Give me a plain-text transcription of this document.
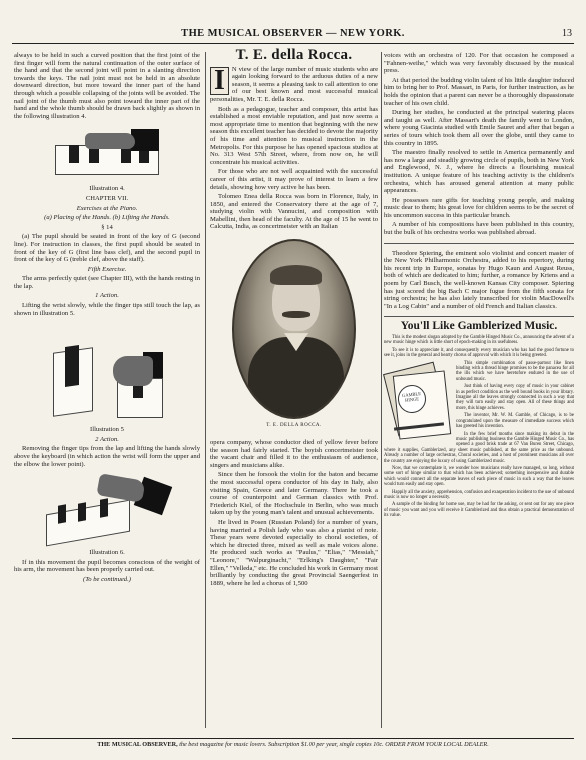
THE MUSICAL OBSERVER — NEW YORK.	13

always to be held in such a curved position that the first joint of the first finger will form the natural continuation of the outer surface of the hand and that the second joint will point in a slanting direction towards the keys. The nail joint must not be held in an absolute downward direction, but more toward the inner part of the hand through which a possible collapsing of the joints will be avoided. The nail joint of the thumb must also point toward the inner part of the hand and the whole thumb should be drawn back slightly as shown in the following illustration 4.

Illustration 4.

CHAPTER VII.

Exercises at the Piano.

(a) Placing of the Hands. (b) Lifting the Hands.

§ 14

(a) The pupil should be seated in front of the key of G (second line). For instruction in classes, the first pupil should be seated in front of the key of G (first line bass clef), and the second pupil in front of the key of G (treble clef, above the staff).

Fifth Exercise.

The arms perfectly quiet (see Chapter III), with the hands resting in the lap.

1 Action.

Lifting the wrist slowly, while the finger tips still touch the lap, as shown in illustration 5.

Illustration 5

2 Action.

Removing the finger tips from the lap and lifting the hands slowly above the keyboard (in which action the wrist will form the upper and the elbow the lower point).

Illustration 6.

If in this movement the pupil becomes conscious of the weight of his arm, the movement has been properly carried out.

(To be continued.)

T. E. della Rocca.

I	N view of the large number of music students who are again looking forward to the arduous duties of a new season, it seems a pleasing task to call attention to one of our best known and most successful musical personalities, Mr. T. E. della Rocca.

Both as a pedagogue, teacher and composer, this artist has established a most enviable reputation, and just now seems a most appropriate time to mention that beginning with the new season this excellent teacher has decided to devote the majority of his time and attention to musical instruction in the Metropolis. For this purpose he has opened spacious studios at No. 313 West 57th Street, where, from now on, he will concentrate his musical activities.

For those who are not well acquainted with the successful career of this artist, it may prove of interest to learn a few details, showing how very active he has been.

Tolomeo Enea della Rocca was born in Florence, Italy, in 1850, and entered the Conservatory there at the age of 7, studying violin with Vannucini, and composition with Mabellini, then head of the faculty. At the age of 15 he went to Calcutta, India, as concertmeister with an Italian

T. E. DELLA ROCCA.

opera company, whose conductor died of yellow fever before the season had fairly started. The boyish concertmeister took the vacant chair and filled it to the enthusiasm of audience, singers and musicians alike.

Since then he forsook the violin for the baton and became the most successful opera conductor of his day in Italy, also visiting Spain, Greece and later Germany. There he took a course of counterpoint and German classics with Prof. Friederich Kiel, of the Hochschule in Berlin, who was much taken up by the young man's talent and unusual achievements.

He lived in Posen (Russian Poland) for a number of years, having married a Polish lady who was also a pianist of note. These years were devoted especially to choral societies, of which he directed three, mixed as well as male voices alone. He produced such works as "Paulus," "Elias," "Messiah," "Leonore," "Walpurginacht," "Erlking's Daughter," "Fair Ellen," "Velleda," etc. He concluded his work in Germany most brilliantly by conducting the great Provincial Saengerfest in 1889, where he led a chorus of 1,500

voices with an orchestra of 120. For that occasion he composed a "Fahnen-weihe," which was very favorably discussed by the musical press.

At that period the budding violin talent of his little daughter induced him to bring her to Prof. Massart, in Paris, for further instruction, as he holds the opinion that a parent can never be a thoroughly dispassionate teacher of his own child.

During her studies, he conducted at the principal watering places and taught as well. After Massart's death the family went to London, where young Giacinta studied with Emile Sauret and after that began a series of tours which took them all over the globe, until they came to this country in 1895.

The maestro finally resolved to settle in America permanently and has now a large and steadily growing circle of pupils, both in New York and Englewood, N. J., where he directs a flourishing musical institution. A unique feature of his teaching activity is the children's orchestra, which has aroused general attention at many public appearances.

He possesses rare gifts for teaching young people, and making music dear to them; his great love for children seems to be the secret of his uncommon success in this particular branch.

A number of his compositions have been published in this country, but the bulk of his orchestra works was published abroad.

Theodore Spiering, the eminent solo violinist and concert master of the New York Philharmonic Orchestra, added to his repertory, during his recent trip in Europe, sonatas by Hugo Kaun and August Reuss, both of which are dedicated to him; further, a romance by Kriens and a poem by Carl Busch, the well-known Kansas City composer. Spiering has just scored the big Bach C major fugue from the fifth sonata for string orchestra; he has also lately transcribed for violin MacDowell's "In a Log Cabin" and a number of old French and Italian classics.

You'll Like Gamblerized Music.

This is the modest slogan adopted by the Gamble Hinged Music Co., announcing the advent of a new music hinge which is little short of epoch-making in its usefulness.

To see it is to appreciate it, and consequently every musician who has had the good fortune to see it, joins in the general and hearty chorus of approval with which it is being greeted.

GAMBLE HINGE

This simple combination of passe-partout like linen binding with a thread hinge promises to be the panacea for all the ills which we have heretofore endured in the use of unbound music.

Just think of having every copy of music in your cabinet in as perfect condition as the well bound books in your library. Imagine all the leaves strongly connected in such a way that they will turn easily and stay open. All of these things and more, this hinge achieves.

The inventor, Mr. W. M. Gamble, of Chicago, is to be congratulated upon the measure of immediate success which has greeted his invention.

In the few brief months since making its debut in the music publishing business the Gamble Hinged Music Co., has opened a good brisk trade at 67 Van Buren Street, Chicago, where it supplies, Gamblerized, any sheet music published, at the same price as the unbound. Already a number of large orchestras, Choral societies, and a host of prominent musicians all over the country are enjoying the luxury of using Gamblerized music.

Now, that we contemplate it, we wonder how musicians really have managed, so long, without some sort of hinge similar to that which has been achieved; something inexpensive and durable which would connect all the separate leaves of each piece of music in such a way that the leaves would turn easily and stay open.

Happily all the anxiety, apprehension, confusion and exasperation incident to the use of unbound music is now no longer a necessity.

A sample of the binding for home use, may be had for the asking, or sent out for any one piece of music you want and you will receive it Gamblerized and thus obtain a practical demonstration of its value.

THE MUSICAL OBSERVER, the best magazine for music lovers. Subscription $1.00 per year, single copies 10c. ORDER FROM YOUR LOCAL DEALER.
